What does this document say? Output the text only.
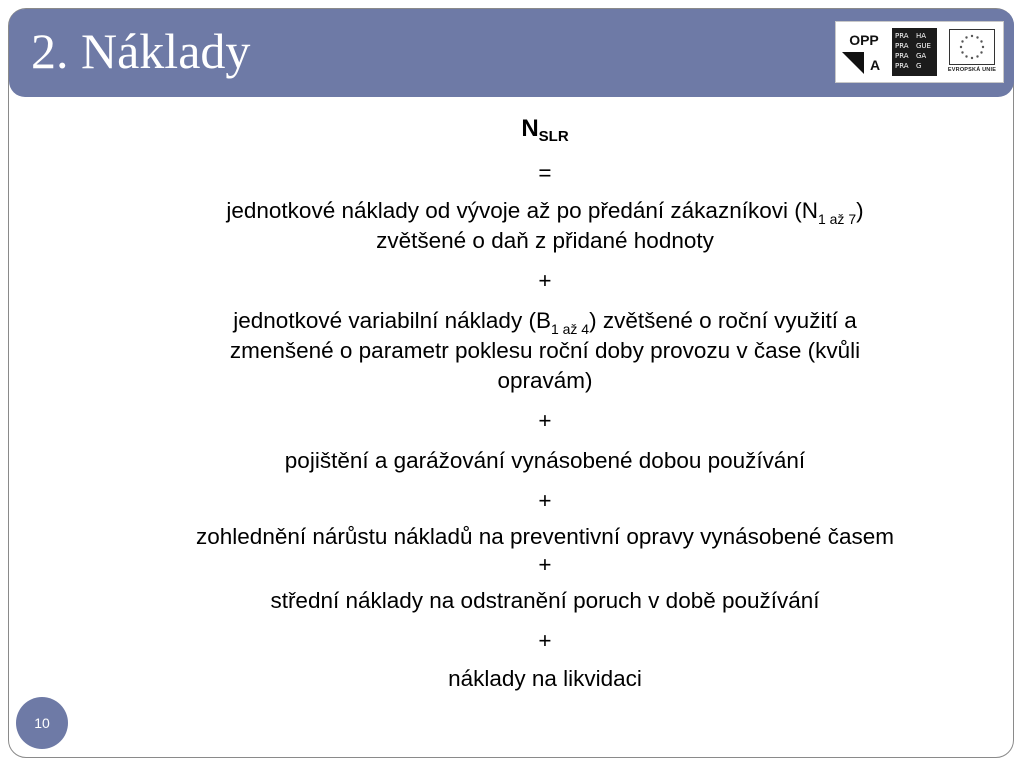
2. Náklady	OPP
A
PRA HA
PRA GUE
PRA GA
PRA G	EVROPSKÁ UNIE

$N_{SLR}$

=

jednotkové náklady od vývoje až po předání zákazníkovi $(N_{1 až 7})$

zvětšené o daň z přidané hodnoty

+

jednotkové variabilní náklady $(B_{1 až 4})$ zvětšené o roční využití a

zmenšené o parametr poklesu roční doby provozu v čase (kvůli

opravám)

+

pojištění a garážování vynásobené dobou používání

+

zohlednění nárůstu nákladů na preventivní opravy vynásobené časem

+

střední náklady na odstranění poruch v době používání

+

náklady na likvidaci

10
